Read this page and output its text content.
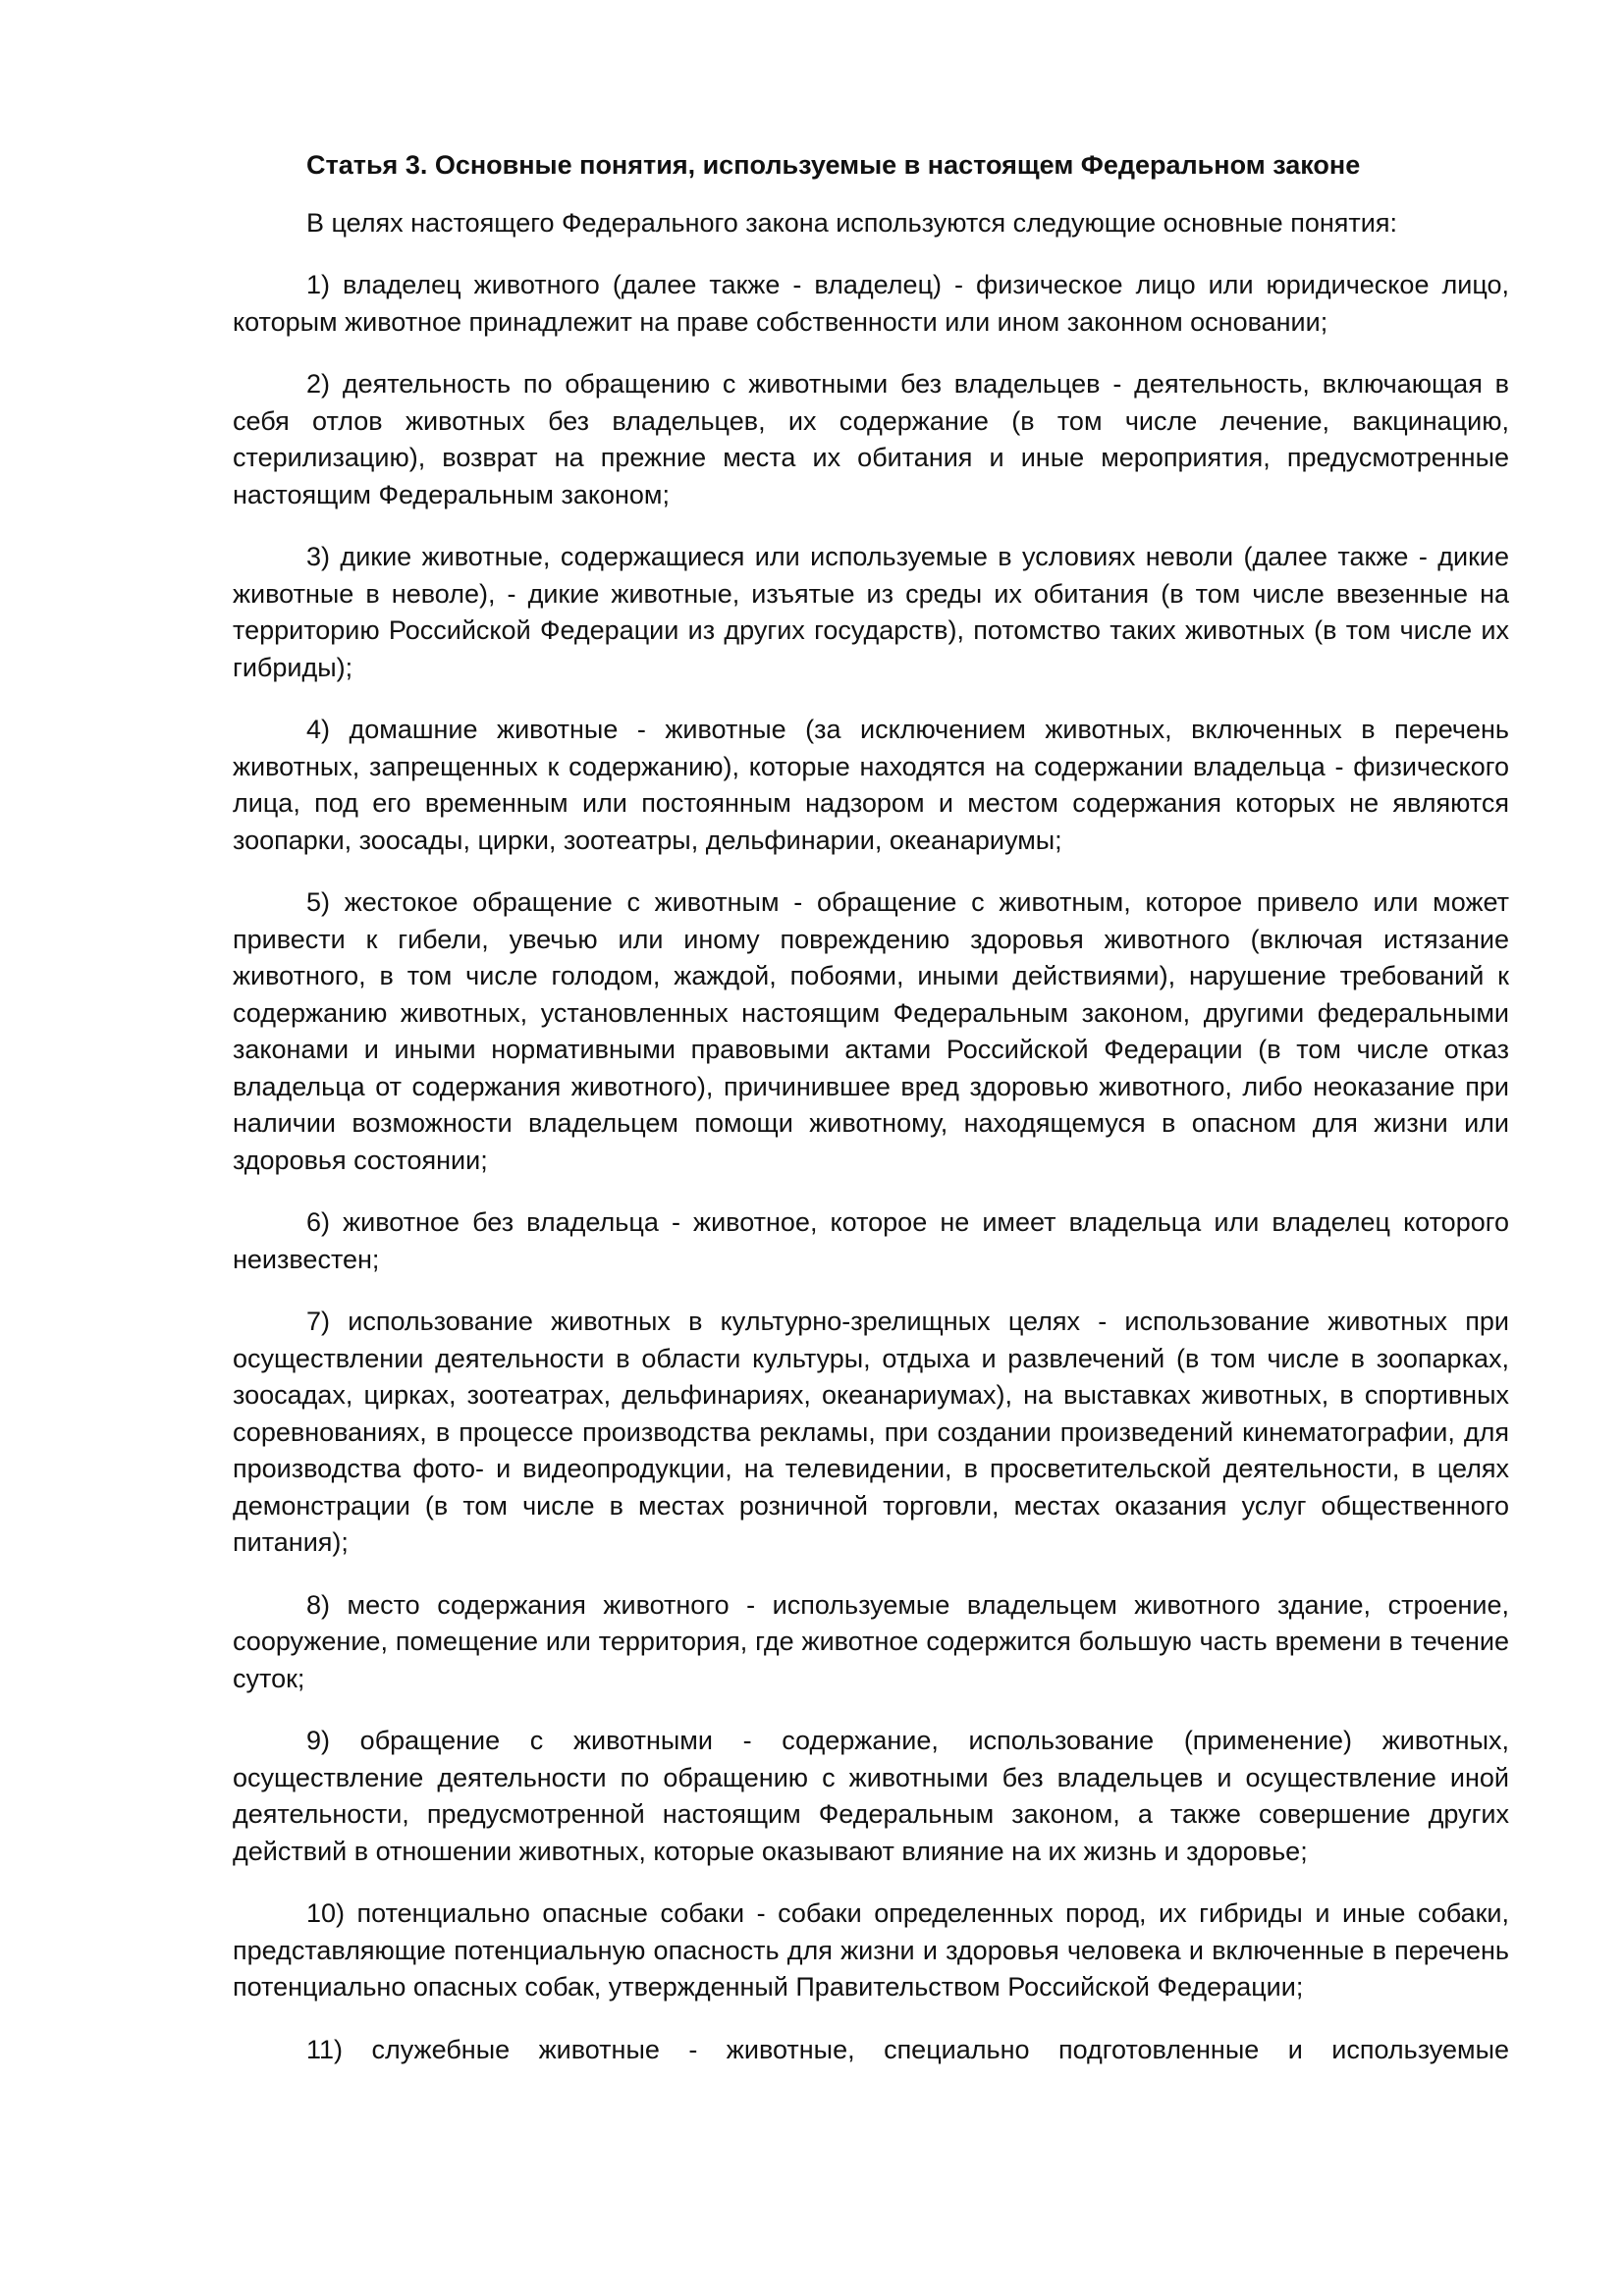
Статья 3. Основные понятия, используемые в настоящем Федеральном законе

В целях настоящего Федерального закона используются следующие основные понятия:

1) владелец животного (далее также - владелец) - физическое лицо или юридическое лицо, которым животное принадлежит на праве собственности или ином законном основании;

2) деятельность по обращению с животными без владельцев - деятельность, включающая в себя отлов животных без владельцев, их содержание (в том числе лечение, вакцинацию, стерилизацию), возврат на прежние места их обитания и иные мероприятия, предусмотренные настоящим Федеральным законом;

3) дикие животные, содержащиеся или используемые в условиях неволи (далее также - дикие животные в неволе), - дикие животные, изъятые из среды их обитания (в том числе ввезенные на территорию Российской Федерации из других государств), потомство таких животных (в том числе их гибриды);

4) домашние животные - животные (за исключением животных, включенных в перечень животных, запрещенных к содержанию), которые находятся на содержании владельца - физического лица, под его временным или постоянным надзором и местом содержания которых не являются зоопарки, зоосады, цирки, зоотеатры, дельфинарии, океанариумы;

5) жестокое обращение с животным - обращение с животным, которое привело или может привести к гибели, увечью или иному повреждению здоровья животного (включая истязание животного, в том числе голодом, жаждой, побоями, иными действиями), нарушение требований к содержанию животных, установленных настоящим Федеральным законом, другими федеральными законами и иными нормативными правовыми актами Российской Федерации (в том числе отказ владельца от содержания животного), причинившее вред здоровью животного, либо неоказание при наличии возможности владельцем помощи животному, находящемуся в опасном для жизни или здоровья состоянии;

6) животное без владельца - животное, которое не имеет владельца или владелец которого неизвестен;

7) использование животных в культурно-зрелищных целях - использование животных при осуществлении деятельности в области культуры, отдыха и развлечений (в том числе в зоопарках, зоосадах, цирках, зоотеатрах, дельфинариях, океанариумах), на выставках животных, в спортивных соревнованиях, в процессе производства рекламы, при создании произведений кинематографии, для производства фото- и видеопродукции, на телевидении, в просветительской деятельности, в целях демонстрации (в том числе в местах розничной торговли, местах оказания услуг общественного питания);

8) место содержания животного - используемые владельцем животного здание, строение, сооружение, помещение или территория, где животное содержится большую часть времени в течение суток;

9) обращение с животными - содержание, использование (применение) животных, осуществление деятельности по обращению с животными без владельцев и осуществление иной деятельности, предусмотренной настоящим Федеральным законом, а также совершение других действий в отношении животных, которые оказывают влияние на их жизнь и здоровье;

10) потенциально опасные собаки - собаки определенных пород, их гибриды и иные собаки, представляющие потенциальную опасность для жизни и здоровья человека и включенные в перечень потенциально опасных собак, утвержденный Правительством Российской Федерации;

11) служебные животные - животные, специально подготовленные и используемые
